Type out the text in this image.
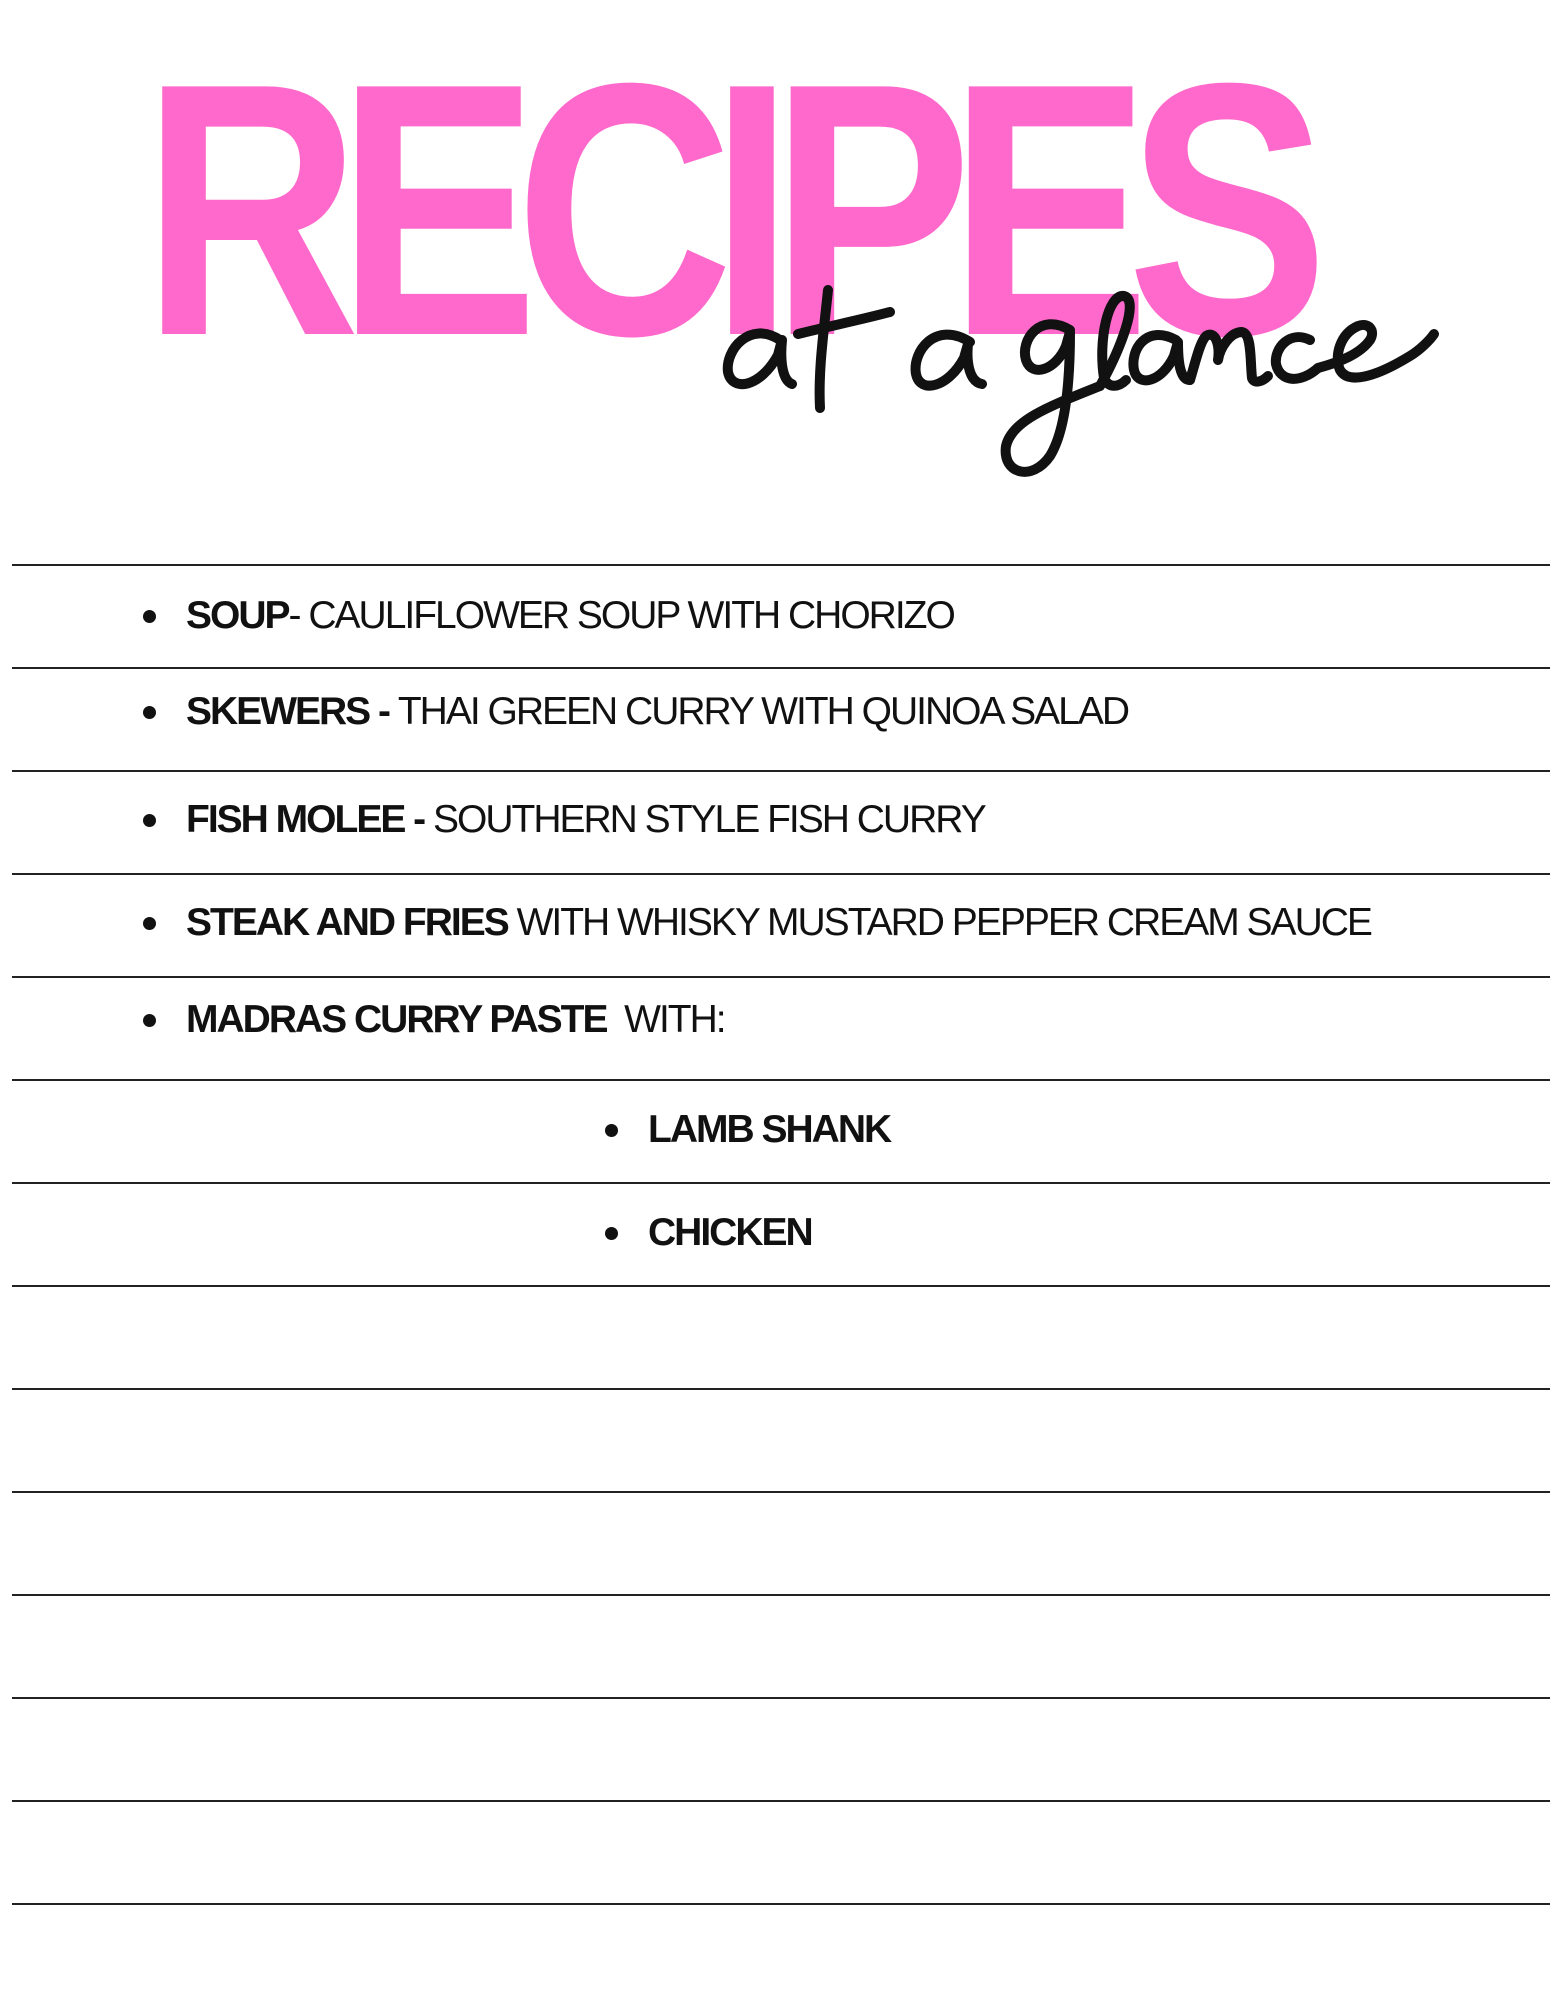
RECIPES
SOUP - CAULIFLOWER SOUP WITH CHORIZO
SKEWERS - THAI GREEN CURRY WITH QUINOA SALAD
FISH MOLEE - SOUTHERN STYLE FISH CURRY
STEAK AND FRIES WITH WHISKY MUSTARD PEPPER CREAM SAUCE
MADRAS CURRY PASTE WITH:
LAMB SHANK
CHICKEN
